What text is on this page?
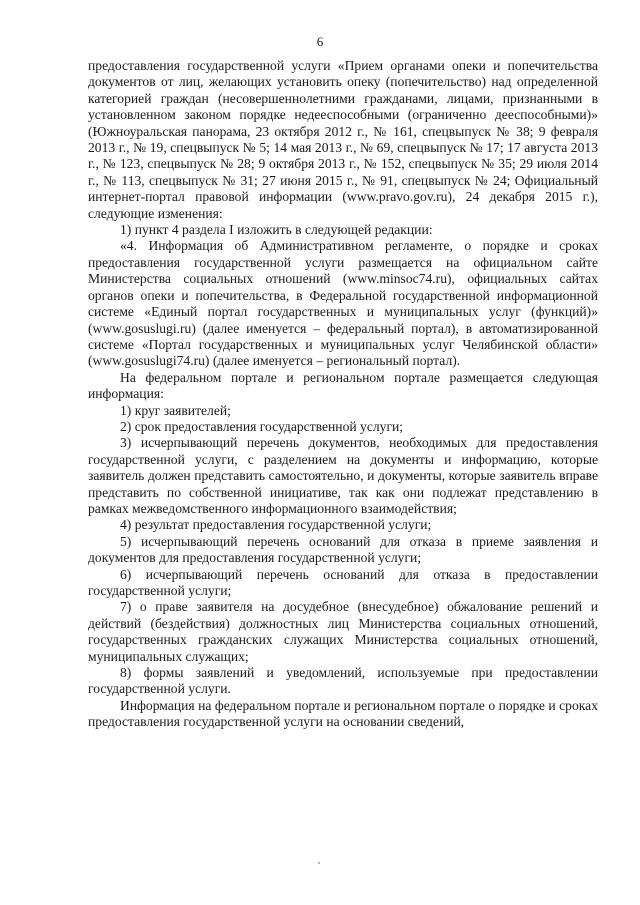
6

предоставления государственной услуги «Прием органами опеки и попечительства документов от лиц, желающих установить опеку (попечительство) над определенной категорией граждан (несовершеннолетними гражданами, лицами, признанными в установленном законом порядке недееспособными (ограниченно дееспособными)» (Южноуральская панорама, 23 октября 2012 г., № 161, спецвыпуск № 38; 9 февраля 2013 г., № 19, спецвыпуск № 5; 14 мая 2013 г., № 69, спецвыпуск № 17; 17 августа 2013 г., № 123, спецвыпуск № 28; 9 октября 2013 г., № 152, спецвыпуск № 35; 29 июля 2014 г., № 113, спецвыпуск № 31; 27 июня 2015 г., № 91, спецвыпуск № 24; Официальный интернет-портал правовой информации (www.pravo.gov.ru), 24 декабря 2015 г.), следующие изменения:

1) пункт 4 раздела I изложить в следующей редакции:

«4. Информация об Административном регламенте, о порядке и сроках предоставления государственной услуги размещается на официальном сайте Министерства социальных отношений (www.minsoc74.ru), официальных сайтах органов опеки и попечительства, в Федеральной государственной информационной системе «Единый портал государственных и муниципальных услуг (функций)» (www.gosuslugi.ru) (далее именуется – федеральный портал), в автоматизированной системе «Портал государственных и муниципальных услуг Челябинской области» (www.gosuslugi74.ru) (далее именуется – региональный портал).

На федеральном портале и региональном портале размещается следующая информация:

1) круг заявителей;

2) срок предоставления государственной услуги;

3) исчерпывающий перечень документов, необходимых для предоставления государственной услуги, с разделением на документы и информацию, которые заявитель должен представить самостоятельно, и документы, которые заявитель вправе представить по собственной инициативе, так как они подлежат представлению в рамках межведомственного информационного взаимодействия;

4) результат предоставления государственной услуги;

5) исчерпывающий перечень оснований для отказа в приеме заявления и документов для предоставления государственной услуги;

6) исчерпывающий перечень оснований для отказа в предоставлении государственной услуги;

7) о праве заявителя на досудебное (внесудебное) обжалование решений и действий (бездействия) должностных лиц Министерства социальных отношений, государственных гражданских служащих Министерства социальных отношений, муниципальных служащих;

8) формы заявлений и уведомлений, используемые при предоставлении государственной услуги.

Информация на федеральном портале и региональном портале о порядке и сроках предоставления государственной услуги на основании сведений,
